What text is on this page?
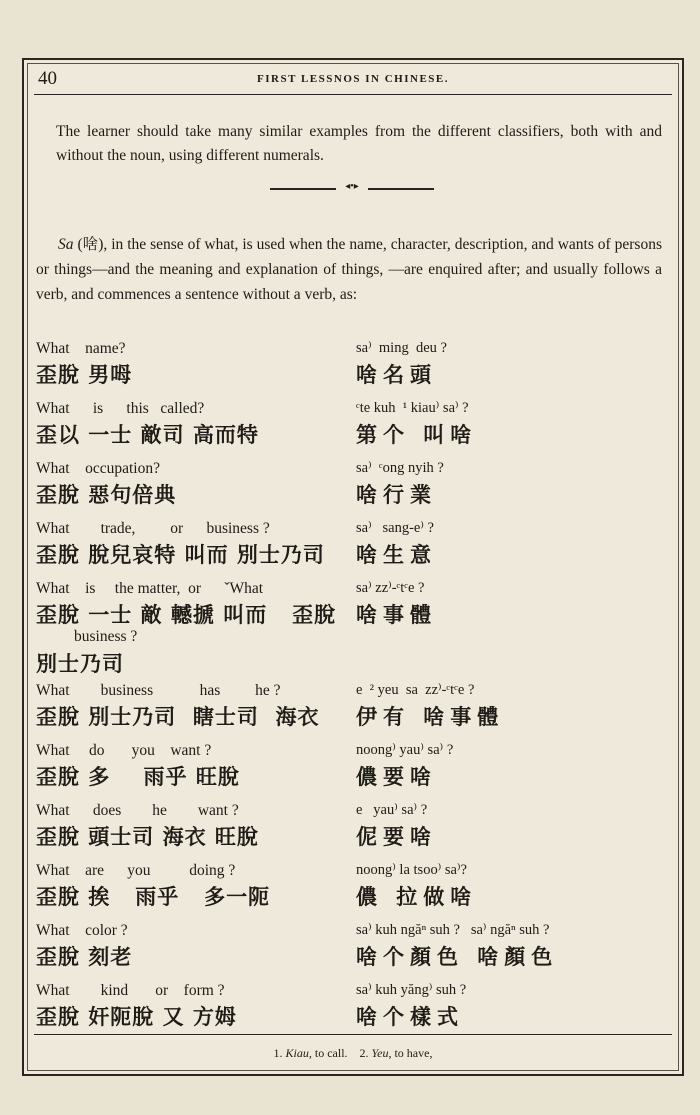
40	FIRST LESSNOS IN CHINESE.
The learner should take many similar examples from the different classifiers, both with and without the noun, using different numerals.
◂•▸
Sa (啥), in the sense of what, is used when the name, character, description, and wants of persons or things—and the meaning and explanation of things, —are enquired after; and usually follows a verb, and commences a sentence without a verb, as:
What    name?
歪脫 男呣
sa⁾  ming  deu ?
啥名頭
What      is      this   called?
歪以 一士 敵司 高而特
ᶜte kuh  ¹ kiau⁾ sa⁾ ?
第个 叫啥
What    occupation?
歪脫 惡句倍典
sa⁾  ᶜong nyih ?
啥行業
What        trade,         or      business ?
歪脫 脫兒哀特 叫而 別士乃司
sa⁾   sang-e⁾ ?
啥生意
What    is     the matter,  or      ˇWhat
歪脫 一士 敵 轗搋 叫而   歪脫
sa⁾ zz⁾-ᶜtᶜe ?
啥事體
business ?
別士乃司
What        business            has         he ?
歪脫 別士乃司  瞎士司  海衣
e  ² yeu  sa  zz⁾-ᶜtᶜe ?
伊有 啥事體
What     do       you    want ?
歪脫 多    雨乎 旺脫
noong⁾ yau⁾ sa⁾ ?
儂要啥
What      does        he        want ?
歪脫 頭士司 海衣 旺脫
e   yau⁾ sa⁾ ?
伲要啥
What    are      you          doing ?
歪脫 挨   雨乎   多一阨
noong⁾ la tsoo⁾ sa⁾?
儂 拉做啥
What    color ?
歪脫 刻老
sa⁾ kuh ngăⁿ suh ?   sa⁾ ngăⁿ suh ?
啥个顏色 啥顏色
What        kind       or    form ?
歪脫 奸阨脫 又 方姆
sa⁾ kuh yăng⁾ suh ?
啥个樣式
1. Kiau, to call. 2. Yeu, to have,
